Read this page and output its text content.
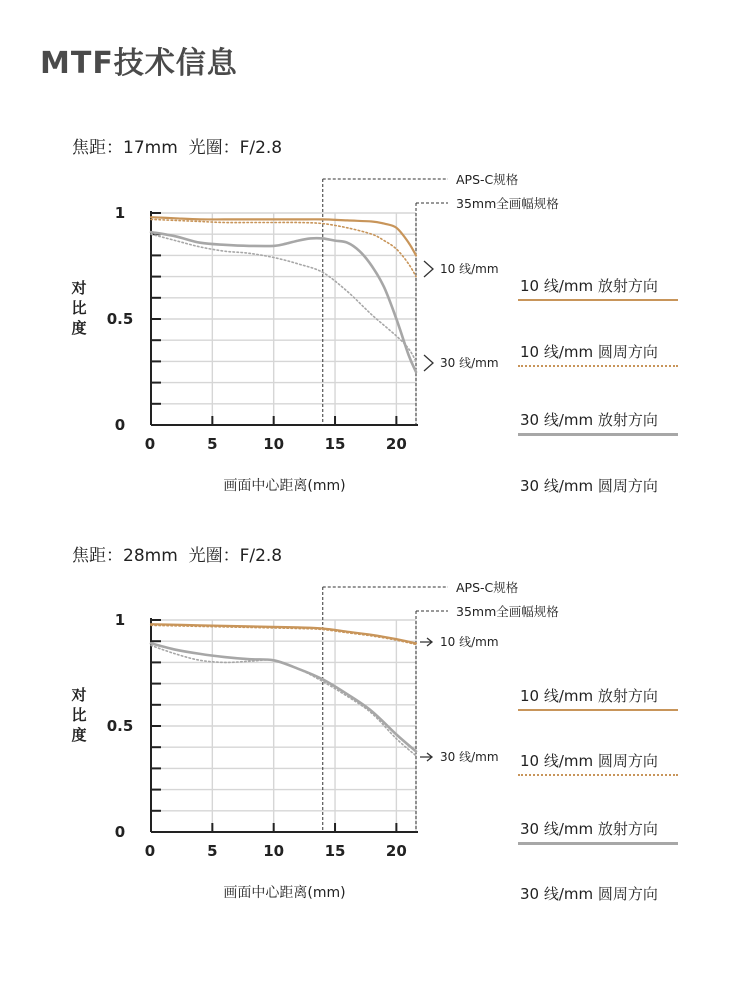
MTF技术信息
焦距：17mm 光圈：F/2.8
0
0.5
1
0	5	10	15	20
对
比
度
画面中心距离(mm)
APS-C规格
35mm全画幅规格
10 线/mm
30 线/mm
10 线/mm 放射方向
10 线/mm 圆周方向
30 线/mm 放射方向
30 线/mm 圆周方向
焦距：28mm 光圈：F/2.8
0
0.5
1
0	5	10	15	20
对
比
度
画面中心距离(mm)
APS-C规格
35mm全画幅规格
10 线/mm
30 线/mm
10 线/mm 放射方向
10 线/mm 圆周方向
30 线/mm 放射方向
30 线/mm 圆周方向
